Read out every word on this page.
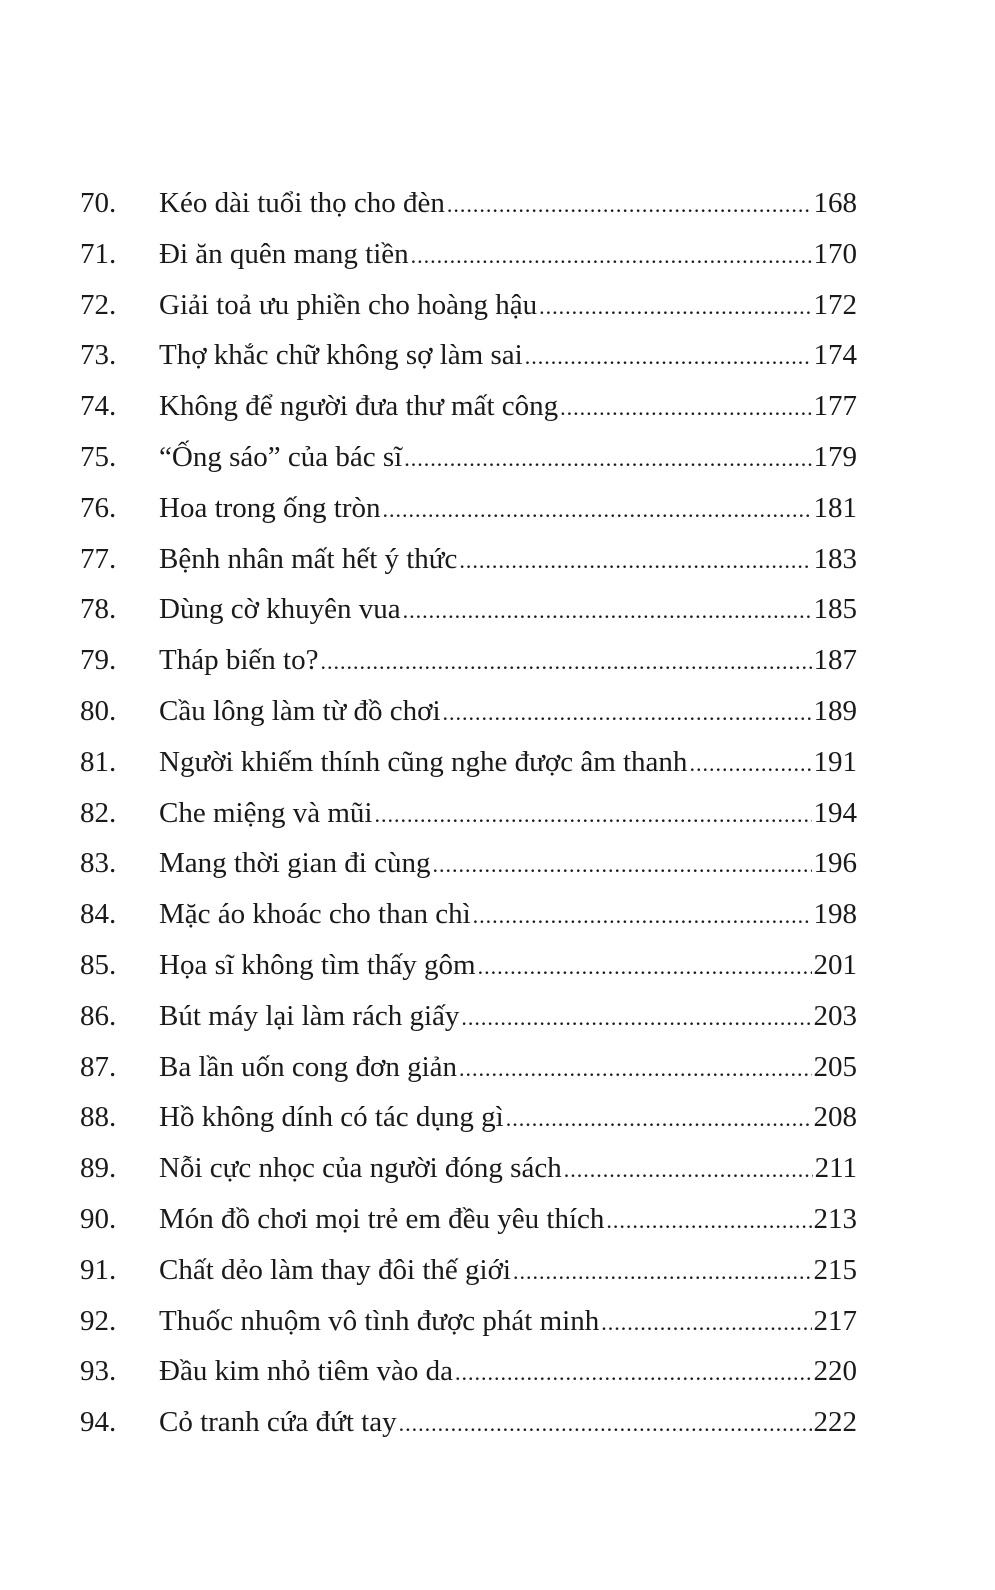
70.	Kéo dài tuổi thọ cho đèn .....	168
71.	Đi ăn quên mang tiền .....	170
72.	Giải toả ưu phiền cho hoàng hậu .....	172
73.	Thợ khắc chữ không sợ làm sai .....	174
74.	Không để người đưa thư mất công .....	177
75.	“Ống sáo” của bác sĩ .....	179
76.	Hoa trong ống tròn .....	181
77.	Bệnh nhân mất hết ý thức .....	183
78.	Dùng cờ khuyên vua .....	185
79.	Tháp biến to? .....	187
80.	Cầu lông làm từ đồ chơi .....	189
81.	Người khiếm thính cũng nghe được âm thanh .....	191
82.	Che miệng và mũi .....	194
83.	Mang thời gian đi cùng .....	196
84.	Mặc áo khoác cho than chì .....	198
85.	Họa sĩ không tìm thấy gôm .....	201
86.	Bút máy lại làm rách giấy .....	203
87.	Ba lần uốn cong đơn giản .....	205
88.	Hồ không dính có tác dụng gì .....	208
89.	Nỗi cực nhọc của người đóng sách .....	211
90.	Món đồ chơi mọi trẻ em đều yêu thích .....	213
91.	Chất dẻo làm thay đôi thế giới .....	215
92.	Thuốc nhuộm vô tình được phát minh .....	217
93.	Đầu kim nhỏ tiêm vào da .....	220
94.	Cỏ tranh cứa đứt tay .....	222
